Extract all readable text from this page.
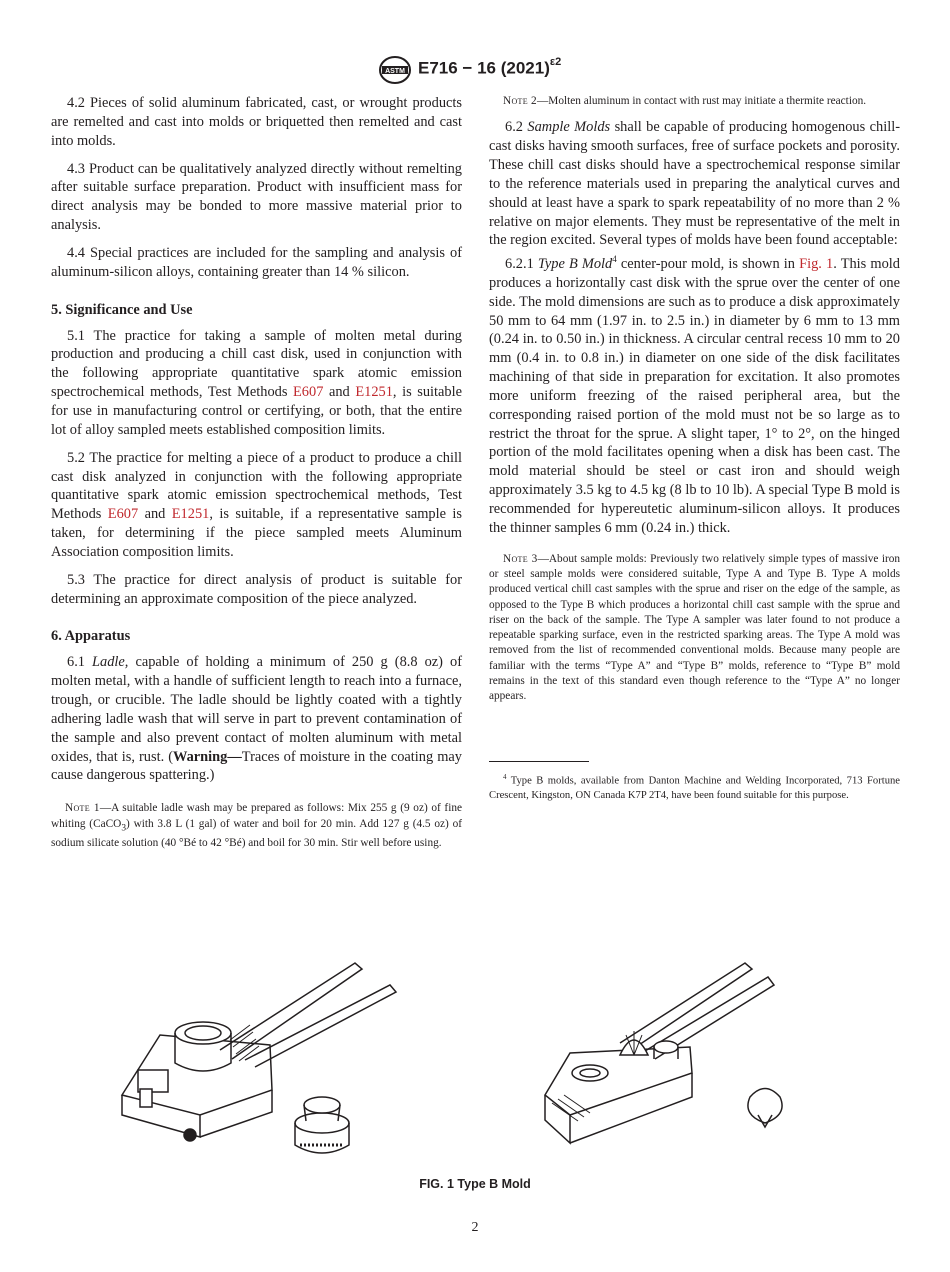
ASTM E716 − 16 $(2021)^{\varepsilon 2}$

4.2 Pieces of solid aluminum fabricated, cast, or wrought products are remelted and cast into molds or briquetted then remelted and cast into molds.

4.3 Product can be qualitatively analyzed directly without remelting after suitable surface preparation. Product with insufficient mass for direct analysis may be bonded to more massive material prior to analysis.

4.4 Special practices are included for the sampling and analysis of aluminum-silicon alloys, containing greater than 14 % silicon.

5. Significance and Use

5.1 The practice for taking a sample of molten metal during production and producing a chill cast disk, used in conjunction with the following appropriate quantitative spark atomic emission spectrochemical methods, Test Methods E607 and E1251, is suitable for use in manufacturing control or certifying, or both, that the entire lot of alloy sampled meets established composition limits.

5.2 The practice for melting a piece of a product to produce a chill cast disk analyzed in conjunction with the following appropriate quantitative spark atomic emission spectrochemical methods, Test Methods E607 and E1251, is suitable, if a representative sample is taken, for determining if the piece sampled meets Aluminum Association composition limits.

5.3 The practice for direct analysis of product is suitable for determining an approximate composition of the piece analyzed.

6. Apparatus

6.1 Ladle, capable of holding a minimum of 250 g (8.8 oz) of molten metal, with a handle of sufficient length to reach into a furnace, trough, or crucible. The ladle should be lightly coated with a tightly adhering ladle wash that will serve in part to prevent contamination of the sample and also prevent contact of molten aluminum with metal oxides, that is, rust. (Warning—Traces of moisture in the coating may cause dangerous spattering.)

Note 1—A suitable ladle wash may be prepared as follows: Mix 255 g (9 oz) of fine whiting (CaCO$_3$) with 3.8 L (1 gal) of water and boil for 20 min. Add 127 g (4.5 oz) of sodium silicate solution (40 °Bé to 42 °Bé) and boil for 30 min. Stir well before using.

Note 2—Molten aluminum in contact with rust may initiate a thermite reaction.

6.2 Sample Molds shall be capable of producing homogenous chill-cast disks having smooth surfaces, free of surface pockets and porosity. These chill cast disks should have a spectrochemical response similar to the reference materials used in preparing the analytical curves and should at least have a spark to spark repeatability of no more than 2 % relative on major elements. They must be representative of the melt in the region excited. Several types of molds have been found acceptable:

6.2.1 Type B Mold$^4$ center-pour mold, is shown in Fig. 1. This mold produces a horizontally cast disk with the sprue over the center of one side. The mold dimensions are such as to produce a disk approximately 50 mm to 64 mm (1.97 in. to 2.5 in.) in diameter by 6 mm to 13 mm (0.24 in. to 0.50 in.) in thickness. A circular central recess 10 mm to 20 mm (0.4 in. to 0.8 in.) in diameter on one side of the disk facilitates machining of that side in preparation for excitation. It also promotes more uniform freezing of the raised peripheral area, but the corresponding raised portion of the mold must not be so large as to restrict the throat for the sprue. A slight taper, 1° to 2°, on the hinged portion of the mold facilitates opening when a disk has been cast. The mold material should be steel or cast iron and should weigh approximately 3.5 kg to 4.5 kg (8 lb to 10 lb). A special Type B mold is recommended for hypereutetic aluminum-silicon alloys. It produces the thinner samples 6 mm (0.24 in.) thick.

Note 3—About sample molds: Previously two relatively simple types of massive iron or steel sample molds were considered suitable, Type A and Type B. Type A molds produced vertical chill cast samples with the sprue and riser on the edge of the sample, as opposed to the Type B which produces a horizontal chill cast sample with the sprue and riser on the back of the sample. The Type A sampler was later found to not produce a repeatable sparking surface, even in the restricted sparking areas. The Type A mold was removed from the list of recommended conventional molds. Because many people are familiar with the terms “Type A” and “Type B” molds, reference to “Type B” mold remains in the text of this standard even though reference to the “Type A” no longer appears.

$^4$ Type B molds, available from Danton Machine and Welding Incorporated, 713 Fortune Crescent, Kingston, ON Canada K7P 2T4, have been found suitable for this purpose.

FIG. 1 Type B Mold
2
